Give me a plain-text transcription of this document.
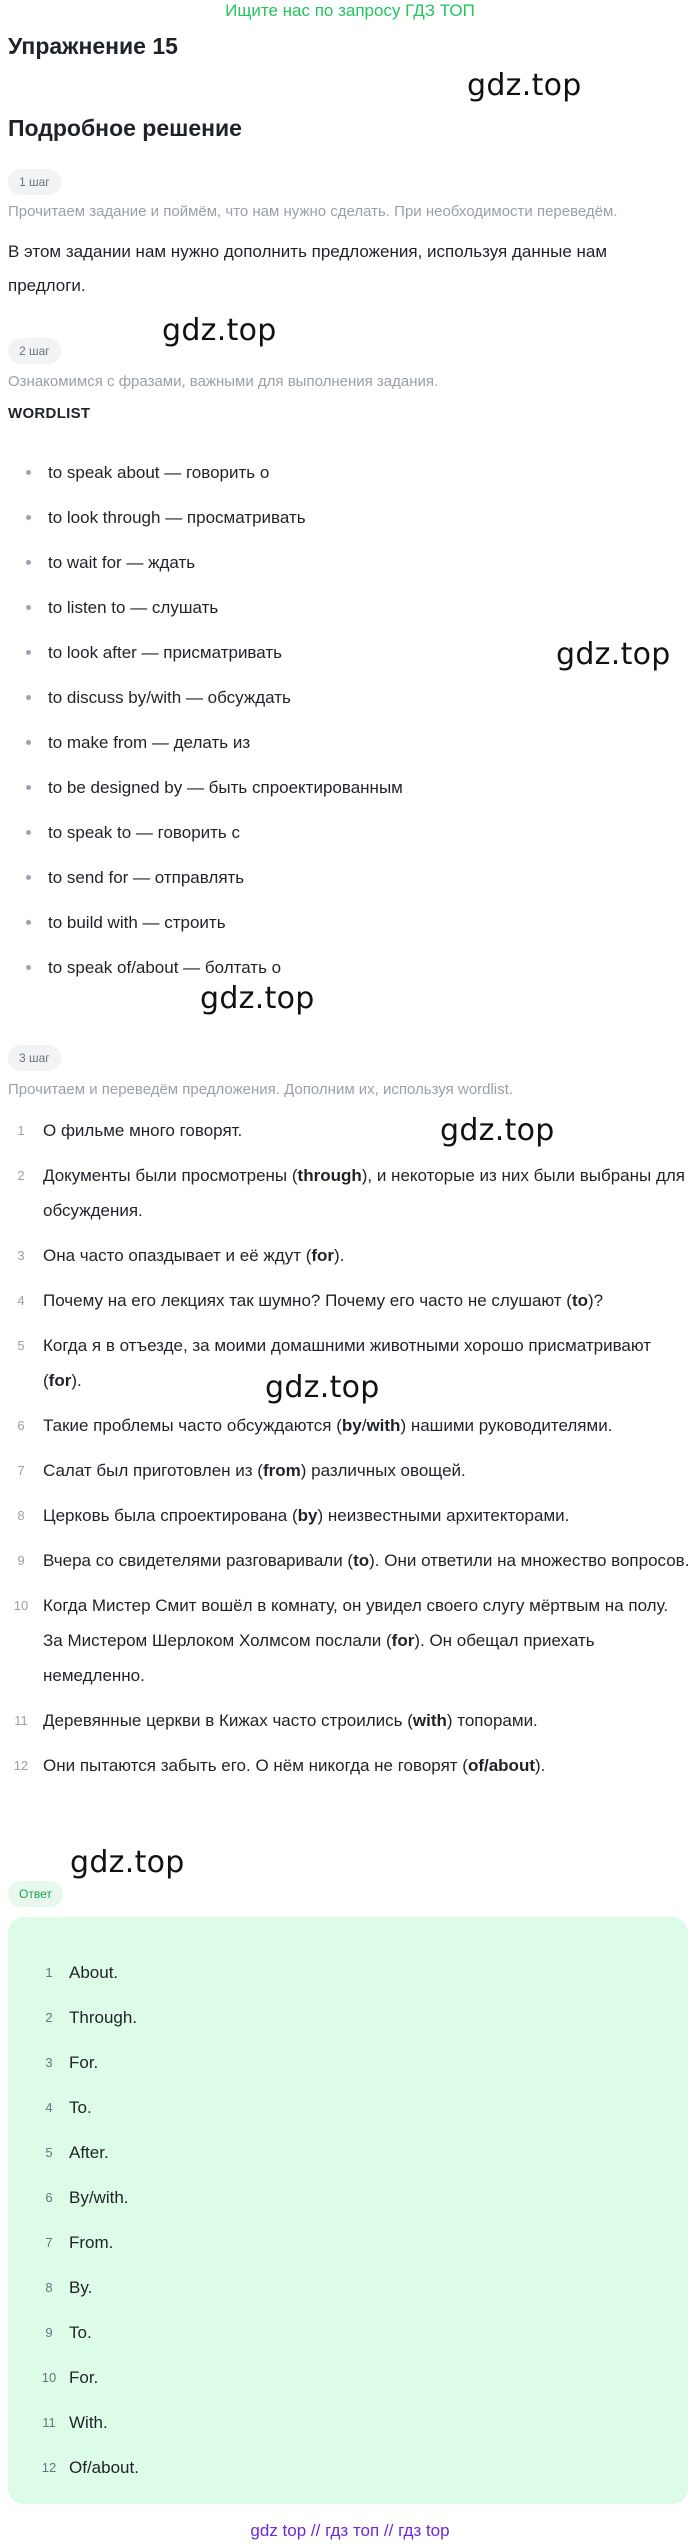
Ищите нас по запросу ГДЗ ТОП
Упражнение 15
Подробное решение
gdz.top
gdz.top
gdz.top
gdz.top
gdz.top
gdz.top
gdz.top
1 шаг

Прочитаем задание и поймём, что нам нужно сделать. При необходимости переведём.

В этом задании нам нужно дополнить предложения, используя данные нам предлоги.

2 шаг

Ознакомимся с фразами, важными для выполнения задания.

WORDLIST

to speak about — говорить о
to look through — просматривать
to wait for — ждать
to listen to — слушать
to look after — присматривать
to discuss by/with — обсуждать
to make from — делать из
to be designed by — быть спроектированным
to speak to — говорить с
to send for — отправлять
to build with — строить
to speak of/about — болтать о
3 шаг

Прочитаем и переведём предложения. Дополним их, используя wordlist.

1	О фильме много говорят.
2	Документы были просмотрены (through), и некоторые из них были выбраны для обсуждения.
3	Она часто опаздывает и её ждут (for).
4	Почему на его лекциях так шумно? Почему его часто не слушают (to)?
5	Когда я в отъезде, за моими домашними животными хорошо присматривают (for).
6	Такие проблемы часто обсуждаются (by/with) нашими руководителями.
7	Салат был приготовлен из (from) различных овощей.
8	Церковь была спроектирована (by) неизвестными архитекторами.
9	Вчера со свидетелями разговаривали (to). Они ответили на множество вопросов.
10 Когда Мистер Смит вошёл в комнату, он увидел своего слугу мёртвым на полу. За Мистером Шерлоком Холмсом послали (for). Он обещал приехать немедленно.
11 Деревянные церкви в Кижах часто строились (with) топорами.
12 Они пытаются забыть его. О нём никогда не говорят (of/about).
Ответ
1 About.
2 Through.
3 For.
4 To.
5 After.
6 By/with.
7 From.
8 By.
9 To.
10 For.
11 With.
12 Of/about.
gdz top // гдз топ // гдз top
